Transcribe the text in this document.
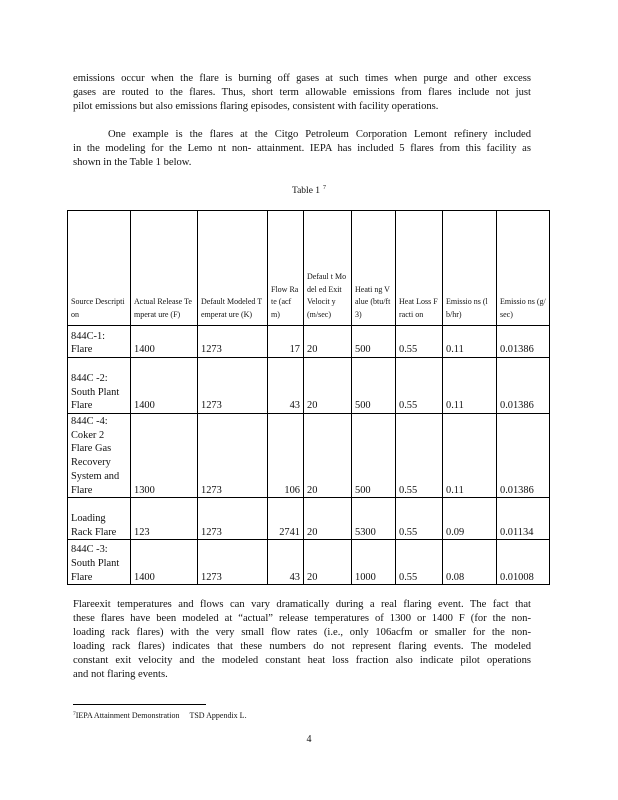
emissions occur when the flare is burning off gases at such times when purge and other excess
gases are routed to the flares. Thus, short term allowable emissions from flares include not just
pilot emissions but also emissions flaring episodes, consistent with facility operations.
One example is the flares at the Citgo Petroleum Corporation Lemont refinery included
in the modeling for the Lemo nt non- attainment. IEPA has included 5 flares from this facility as
shown in the Table 1 below.
Table 1 $^7$
Source Descripti on	Actual Release Temperat ure (F)	Default Modeled Temperat ure (K)	Flow Rate (acf m)	Defaul t Model ed Exit Velocit y (m/sec)	Heati ng Value (btu/ft 3)	Heat Loss Fracti on	Emissio ns (lb/hr)	Emissio ns (g/sec)
844C-1: Flare	1400	1273	17	20	500	0.55	0.11	0.01386
844C -2: South Plant Flare	1400	1273	43	20	500	0.55	0.11	0.01386
844C -4: Coker 2 Flare Gas Recovery System and Flare	1300	1273	106	20	500	0.55	0.11	0.01386
Loading Rack Flare	123	1273	2741	20	5300	0.55	0.09	0.01134
844C -3: South Plant Flare	1400	1273	43	20	1000	0.55	0.08	0.01008
Flareexit temperatures and flows can vary dramatically during a real flaring event. The fact that
these flares have been modeled at “actual” release temperatures of 1300 or 1400 F (for the non-
loading rack flares) with the very small flow rates (i.e., only 106acfm or smaller for the non-
loading rack flares) indicates that these numbers do not represent flaring events. The modeled
constant exit velocity and the modeled constant heat loss fraction also indicate pilot operations
and not flaring events.
$^7$IEPA Attainment Demonstration TSD Appendix L.
4
